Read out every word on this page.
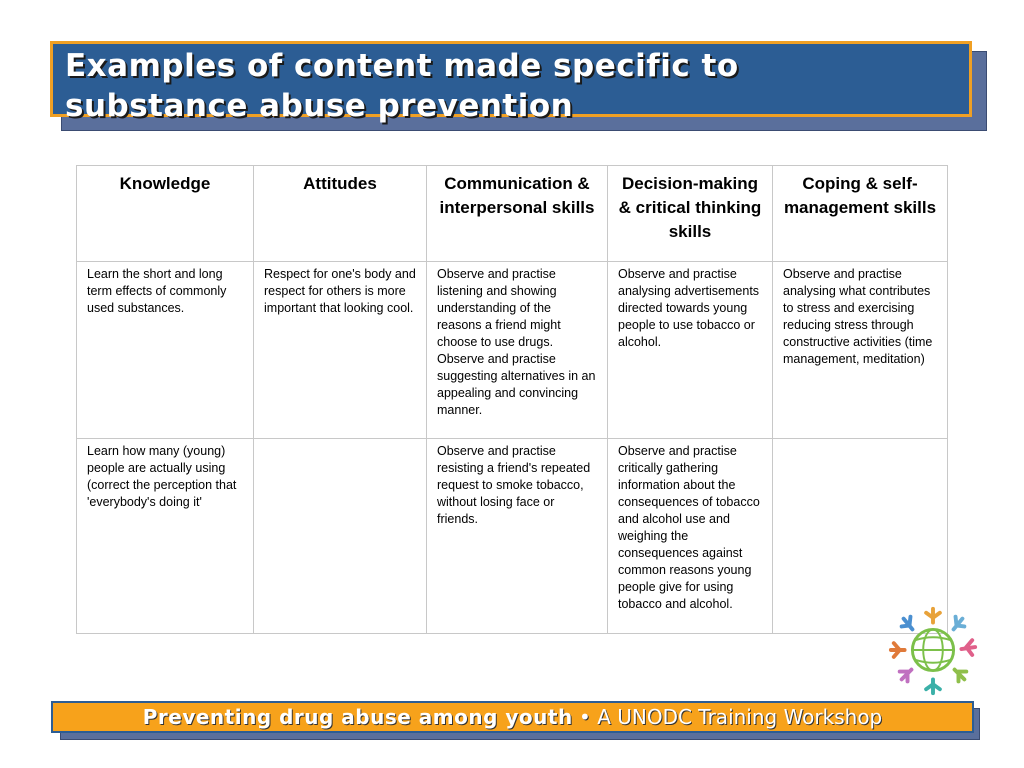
Examples of content made specific to
substance abuse prevention

Knowledge	Attitudes	Communication & interpersonal skills	Decision-making & critical thinking skills	Coping & self-management skills
Learn the short and long term effects of commonly used substances.	Respect for one's body and respect for others is more important that looking cool.	Observe and practise listening and showing understanding of the reasons a friend might choose to use drugs. Observe and practise suggesting alternatives in an appealing and convincing manner.	Observe and practise analysing advertisements directed towards young people to use tobacco or alcohol.	Observe and practise analysing what contributes to stress and exercising reducing stress through constructive activities (time management, meditation)
Learn how many (young) people are actually using (correct the perception that 'everybody's doing it'		Observe and practise resisting a friend's repeated request to smoke tobacco, without losing face or friends.	Observe and practise critically gathering information about the consequences of tobacco and alcohol use and weighing the consequences against common reasons young people give for using tobacco and alcohol.	
Preventing drug abuse among youth • A UNODC Training Workshop
